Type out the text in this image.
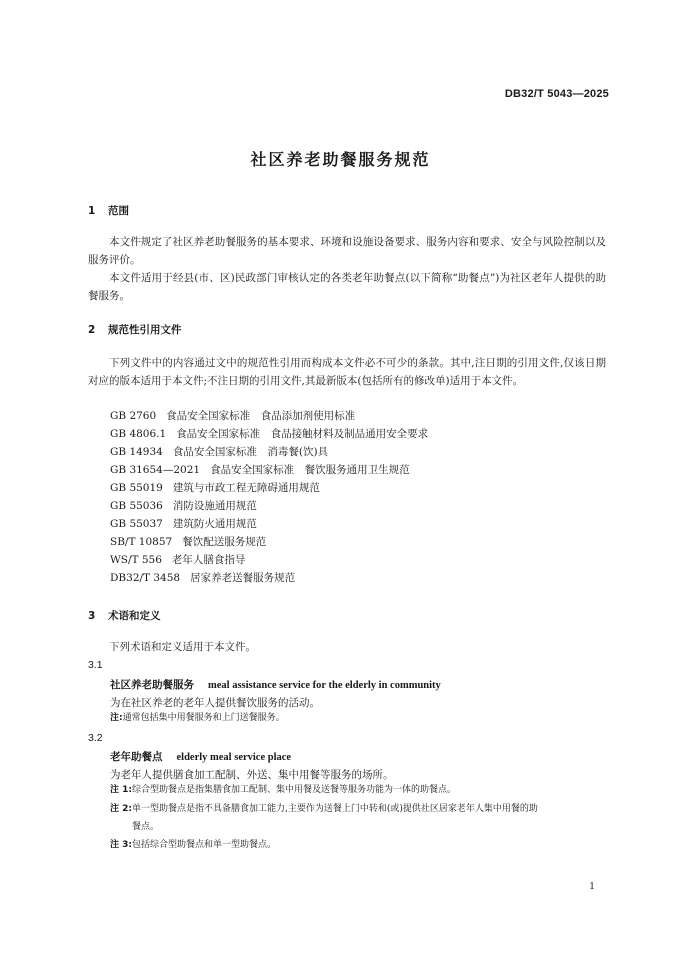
DB32/T 5043—2025
社区养老助餐服务规范
1 范围
本文件规定了社区养老助餐服务的基本要求、环境和设施设备要求、服务内容和要求、安全与风险控制以及服务评价。
本文件适用于经县(市、区)民政部门审核认定的各类老年助餐点(以下简称“助餐点”)为社区老年人提供的助餐服务。
2 规范性引用文件
下列文件中的内容通过文中的规范性引用而构成本文件必不可少的条款。其中,注日期的引用文件,仅该日期对应的版本适用于本文件;不注日期的引用文件,其最新版本(包括所有的修改单)适用于本文件。
GB 2760 食品安全国家标准　食品添加剂使用标准
GB 4806.1 食品安全国家标准　食品接触材料及制品通用安全要求
GB 14934 食品安全国家标准　消毒餐(饮)具
GB 31654—2021 食品安全国家标准　餐饮服务通用卫生规范
GB 55019 建筑与市政工程无障碍通用规范
GB 55036 消防设施通用规范
GB 55037 建筑防火通用规范
SB/T 10857 餐饮配送服务规范
WS/T 556 老年人膳食指导
DB32/T 3458 居家养老送餐服务规范
3 术语和定义
下列术语和定义适用于本文件。
3.1
社区养老助餐服务 meal assistance service for the elderly in community
为在社区养老的老年人提供餐饮服务的活动。
注:通常包括集中用餐服务和上门送餐服务。
3.2
老年助餐点 elderly meal service place
为老年人提供膳食加工配制、外送、集中用餐等服务的场所。
注 1:综合型助餐点是指集膳食加工配制、集中用餐及送餐等服务功能为一体的助餐点。
注 2:单一型助餐点是指不具备膳食加工能力,主要作为送餐上门中转和(或)提供社区居家老年人集中用餐的助
餐点。
注 3:包括综合型助餐点和单一型助餐点。
1
